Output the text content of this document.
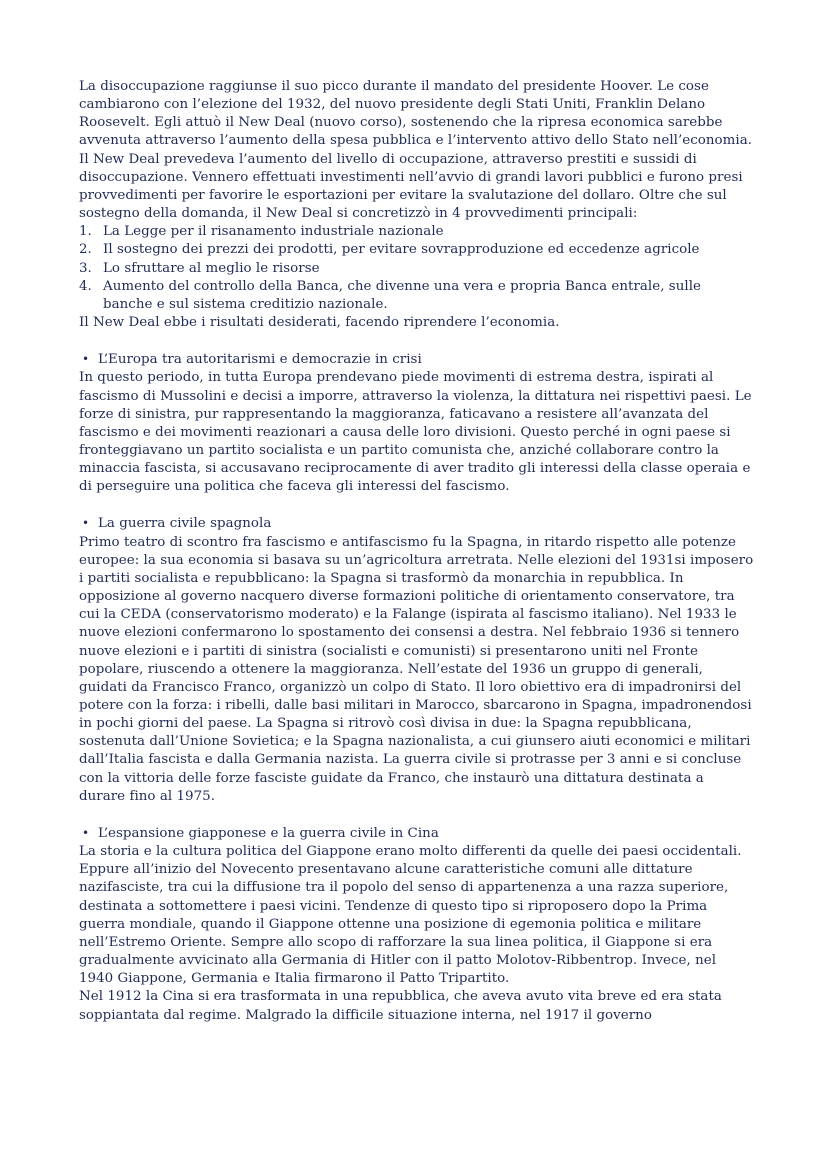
La disoccupazione raggiunse il suo picco durante il mandato del presidente Hoover. Le cose cambiarono con l’elezione del 1932, del nuovo presidente degli Stati Uniti, Franklin Delano Roosevelt. Egli attuò il New Deal (nuovo corso), sostenendo che la ripresa economica sarebbe avvenuta attraverso l’aumento della spesa pubblica e l’intervento attivo dello Stato nell’economia. Il New Deal prevedeva l’aumento del livello di occupazione, attraverso prestiti e sussidi di disoccupazione. Vennero effettuati investimenti nell’avvio di grandi lavori pubblici e furono presi provvedimenti per favorire le esportazioni per evitare la svalutazione del dollaro. Oltre che sul sostegno della domanda, il New Deal si concretizzò in 4 provvedimenti principali:

1. La Legge per il risanamento industriale nazionale
2. Il sostegno dei prezzi dei prodotti, per evitare sovrapproduzione ed eccedenze agricole
3. Lo sfruttare al meglio le risorse
4. Aumento del controllo della Banca, che divenne una vera e propria Banca entrale, sulle banche e sul sistema creditizio nazionale.

Il New Deal ebbe i risultati desiderati, facendo riprendere l’economia.

• L’Europa tra autoritarismi e democrazie in crisi

In questo periodo, in tutta Europa prendevano piede movimenti di estrema destra, ispirati al fascismo di Mussolini e decisi a imporre, attraverso la violenza, la dittatura nei rispettivi paesi. Le forze di sinistra, pur rappresentando la maggioranza, faticavano a resistere all’avanzata del fascismo e dei movimenti reazionari a causa delle loro divisioni. Questo perché in ogni paese si fronteggiavano un partito socialista e un partito comunista che, anziché collaborare contro la minaccia fascista, si accusavano reciprocamente di aver tradito gli interessi della classe operaia e di perseguire una politica che faceva gli interessi del fascismo.

• La guerra civile spagnola

Primo teatro di scontro fra fascismo e antifascismo fu la Spagna, in ritardo rispetto alle potenze europee: la sua economia si basava su un’agricoltura arretrata. Nelle elezioni del 1931si imposero i partiti socialista e repubblicano: la Spagna si trasformò da monarchia in repubblica. In opposizione al governo nacquero diverse formazioni politiche di orientamento conservatore, tra cui la CEDA (conservatorismo moderato) e la Falange (ispirata al fascismo italiano). Nel 1933 le nuove elezioni confermarono lo spostamento dei consensi a destra. Nel febbraio 1936 si tennero nuove elezioni e i partiti di sinistra (socialisti e comunisti) si presentarono uniti nel Fronte popolare, riuscendo a ottenere la maggioranza. Nell’estate del 1936 un gruppo di generali, guidati da Francisco Franco, organizzò un colpo di Stato. Il loro obiettivo era di impadronirsi del potere con la forza: i ribelli, dalle basi militari in Marocco, sbarcarono in Spagna, impadronendosi in pochi giorni del paese. La Spagna si ritrovò così divisa in due: la Spagna repubblicana, sostenuta dall’Unione Sovietica; e la Spagna nazionalista, a cui giunsero aiuti economici e militari dall’Italia fascista e dalla Germania nazista. La guerra civile si protrasse per 3 anni e si concluse con la vittoria delle forze fasciste guidate da Franco, che instaurò una dittatura destinata a durare fino al 1975.

• L’espansione giapponese e la guerra civile in Cina

La storia e la cultura politica del Giappone erano molto differenti da quelle dei paesi occidentali. Eppure all’inizio del Novecento presentavano alcune caratteristiche comuni alle dittature nazifasciste, tra cui la diffusione tra il popolo del senso di appartenenza a una razza superiore, destinata a sottomettere i paesi vicini. Tendenze di questo tipo si riproposero dopo la Prima guerra mondiale, quando il Giappone ottenne una posizione di egemonia politica e militare nell’Estremo Oriente. Sempre allo scopo di rafforzare la sua linea politica, il Giappone si era gradualmente avvicinato alla Germania di Hitler con il patto Molotov-Ribbentrop. Invece, nel 1940 Giappone, Germania e Italia firmarono il Patto Tripartito.

Nel 1912 la Cina si era trasformata in una repubblica, che aveva avuto vita breve ed era stata soppiantata dal regime. Malgrado la difficile situazione interna, nel 1917 il governo
